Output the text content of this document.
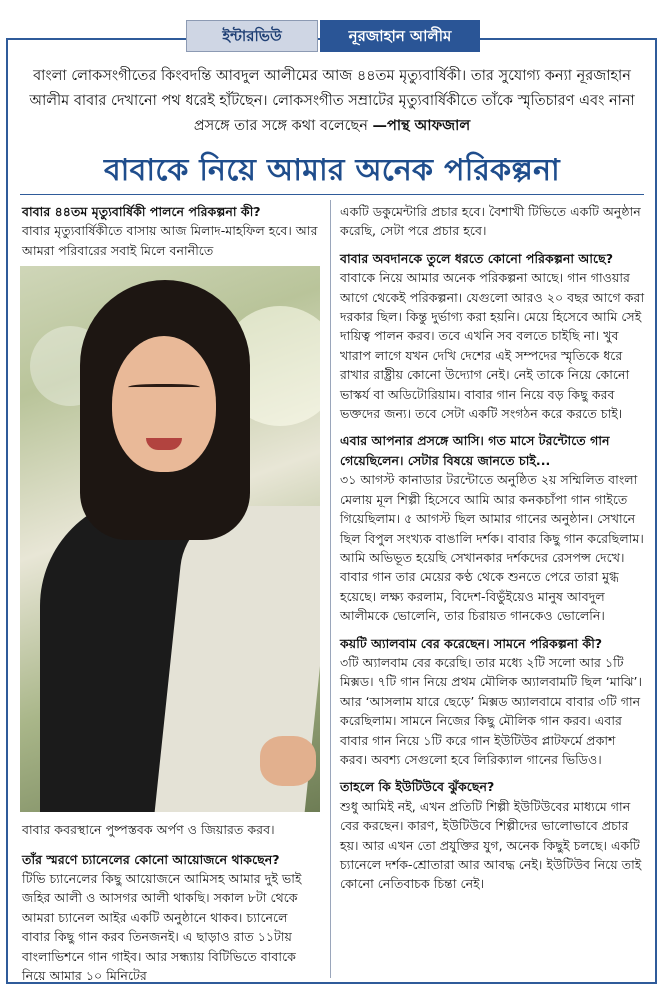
ইন্টারভিউ	নূরজাহান আলীম
বাংলা লোকসংগীতের কিংবদন্তি আবদুল আলীমের আজ ৪৪তম মৃত্যুবার্ষিকী। তার সুযোগ্য কন্যা নূরজাহান আলীম বাবার দেখানো পথ ধরেই হাঁটছেন। লোকসংগীত সম্রাটের মৃত্যুবার্ষিকীতে তাঁকে স্মৃতিচারণ এবং নানা প্রসঙ্গে তার সঙ্গে কথা বলেছেন —পান্থ আফজাল
বাবাকে নিয়ে আমার অনেক পরিকল্পনা
বাবার ৪৪তম মৃত্যুবার্ষিকী পালনে পরিকল্পনা কী?
বাবার মৃত্যুবার্ষিকীতে বাসায় আজ মিলাদ-মাহফিল হবে। আর আমরা পরিবারের সবাই মিলে বনানীতে
বাবার কবরস্থানে পুষ্পস্তবক অর্পণ ও জিয়ারত করব।
তাঁর স্মরণে চ্যানেলের কোনো আয়োজনে থাকছেন?
টিভি চ্যানেলের কিছু আয়োজনে আমিসহ আমার দুই ভাই জহির আলী ও আসগর আলী থাকছি। সকাল ৮টা থেকে আমরা চ্যানেল আইর একটি অনুষ্ঠানে থাকব। চ্যানেলে বাবার কিছু গান করব তিনজনই। এ ছাড়াও রাত ১১টায় বাংলাভিশনে গান গাইব। আর সন্ধ্যায় বিটিভিতে বাবাকে নিয়ে আমার ১০ মিনিটের
একটি ডকুমেন্টারি প্রচার হবে। বৈশাখী টিভিতে একটি অনুষ্ঠান করেছি, সেটা পরে প্রচার হবে।
বাবার অবদানকে তুলে ধরতে কোনো পরিকল্পনা আছে?
বাবাকে নিয়ে আমার অনেক পরিকল্পনা আছে। গান গাওয়ার আগে থেকেই পরিকল্পনা। যেগুলো আরও ২০ বছর আগে করা দরকার ছিল। কিন্তু দুর্ভাগ্য করা হয়নি। মেয়ে হিসেবে আমি সেই দায়িত্ব পালন করব। তবে এখনি সব বলতে চাইছি না। খুব খারাপ লাগে যখন দেখি দেশের এই সম্পদের স্মৃতিকে ধরে রাখার রাষ্ট্রীয় কোনো উদ্যোগ নেই। নেই তাকে নিয়ে কোনো ভাস্কর্য বা অডিটোরিয়াম। বাবার গান নিয়ে বড় কিছু করব ভক্তদের জন্য। তবে সেটা একটি সংগঠন করে করতে চাই।
এবার আপনার প্রসঙ্গে আসি। গত মাসে টরন্টোতে গান গেয়েছিলেন। সেটার বিষয়ে জানতে চাই...
৩১ আগস্ট কানাডার টরন্টোতে অনুষ্ঠিত ২য় সম্মিলিত বাংলা মেলায় মূল শিল্পী হিসেবে আমি আর কনকচাঁপা গান গাইতে গিয়েছিলাম। ৫ আগস্ট ছিল আমার গানের অনুষ্ঠান। সেখানে ছিল বিপুল সংখ্যক বাঙালি দর্শক। বাবার কিছু গান করেছিলাম। আমি অভিভূত হয়েছি সেখানকার দর্শকদের রেসপন্স দেখে। বাবার গান তার মেয়ের কণ্ঠ থেকে শুনতে পেরে তারা মুগ্ধ হয়েছে। লক্ষ্য করলাম, বিদেশ-বিভুঁইয়েও মানুষ আবদুল আলীমকে ভোলেনি, তার চিরায়ত গানকেও ভোলেনি।
কয়টি অ্যালবাম বের করেছেন। সামনে পরিকল্পনা কী?
৩টি অ্যালবাম বের করেছি। তার মধ্যে ২টি সলো আর ১টি মিক্সড। ৭টি গান নিয়ে প্রথম মৌলিক অ্যালবামটি ছিল ‘মাঝি’। আর ‘আসলাম যারে ছেড়ে’ মিক্সড অ্যালবামে বাবার ৩টি গান করেছিলাম। সামনে নিজের কিছু মৌলিক গান করব। এবার বাবার গান নিয়ে ১টি করে গান ইউটিউব প্লাটফর্মে প্রকাশ করব। অবশ্য সেগুলো হবে লিরিক্যাল গানের ভিডিও।
তাহলে কি ইউটিউবে ঝুঁকছেন?
শুধু আমিই নই, এখন প্রতিটি শিল্পী ইউটিউবের মাধ্যমে গান বের করছেন। কারণ, ইউটিউবে শিল্পীদের ভালোভাবে প্রচার হয়। আর এখন তো প্রযুক্তির যুগ, অনেক কিছুই চলছে। একটি চ্যানেলে দর্শক-শ্রোতারা আর আবদ্ধ নেই। ইউটিউব নিয়ে তাই কোনো নেতিবাচক চিন্তা নেই।
